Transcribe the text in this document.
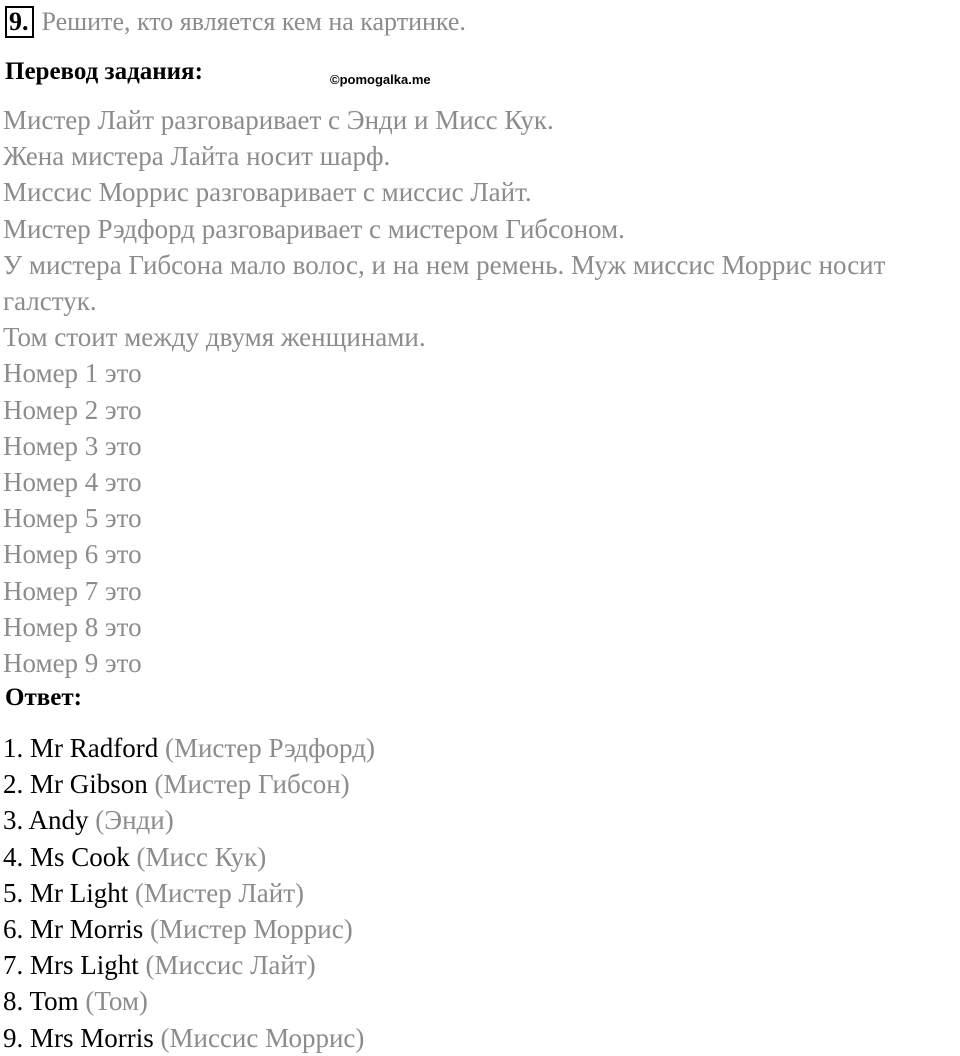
9. Решите, кто является кем на картинке.
Перевод задания:	©pomogalka.me
Мистер Лайт разговаривает с Энди и Мисс Кук.
Жена мистера Лайта носит шарф.
Миссис Моррис разговаривает с миссис Лайт.
Мистер Рэдфорд разговаривает с мистером Гибсоном.
У мистера Гибсона мало волос, и на нем ремень. Муж миссис Моррис носит галстук.
Том стоит между двумя женщинами.
Номер 1 это
Номер 2 это
Номер 3 это
Номер 4 это
Номер 5 это
Номер 6 это
Номер 7 это
Номер 8 это
Номер 9 это
Ответ:
1. Mr Radford (Мистер Рэдфорд)
2. Mr Gibson (Мистер Гибсон)
3. Andy (Энди)
4. Ms Cook (Мисс Кук)
5. Mr Light (Мистер Лайт)
6. Mr Morris (Мистер Моррис)
7. Mrs Light (Миссис Лайт)
8. Tom (Том)
9. Mrs Morris (Миссис Моррис)
